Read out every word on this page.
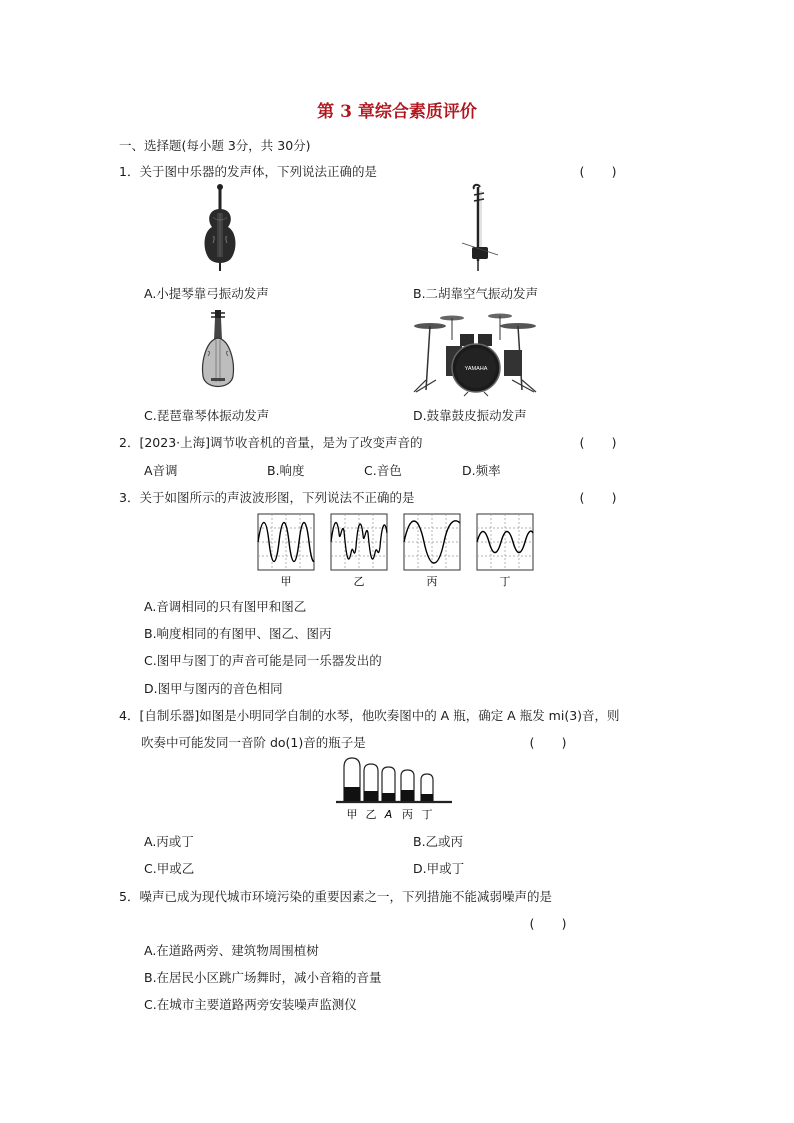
第 3 章综合素质评价
一、选择题(每小题 3分，共 30分)
1．关于图中乐器的发声体，下列说法正确的是	(　　)
A.小提琴靠弓振动发声	B.二胡靠空气振动发声
YAMAHA
C.琵琶靠琴体振动发声	D.鼓靠鼓皮振动发声
2．[2023·上海]调节收音机的音量，是为了改变声音的	(　　)
A音调	B.响度	C.音色	D.频率
3．关于如图所示的声波波形图，下列说法不正确的是	(　　)
甲	乙	丙	丁
A.音调相同的只有图甲和图乙
B.响度相同的有图甲、图乙、图丙
C.图甲与图丁的声音可能是同一乐器发出的
D.图甲与图丙的音色相同
4．[自制乐器]如图是小明同学自制的水琴，他吹奏图中的 A 瓶，确定 A 瓶发 mi(3)音，则
吹奏中可能发同一音阶 do(1)音的瓶子是	(　　)
甲 乙 A 丙 丁
A.丙或丁	B.乙或丙
C.甲或乙	D.甲或丁
5．噪声已成为现代城市环境污染的重要因素之一，下列措施不能减弱噪声的是
(　　)
A.在道路两旁、建筑物周围植树
B.在居民小区跳广场舞时，减小音箱的音量
C.在城市主要道路两旁安装噪声监测仪
